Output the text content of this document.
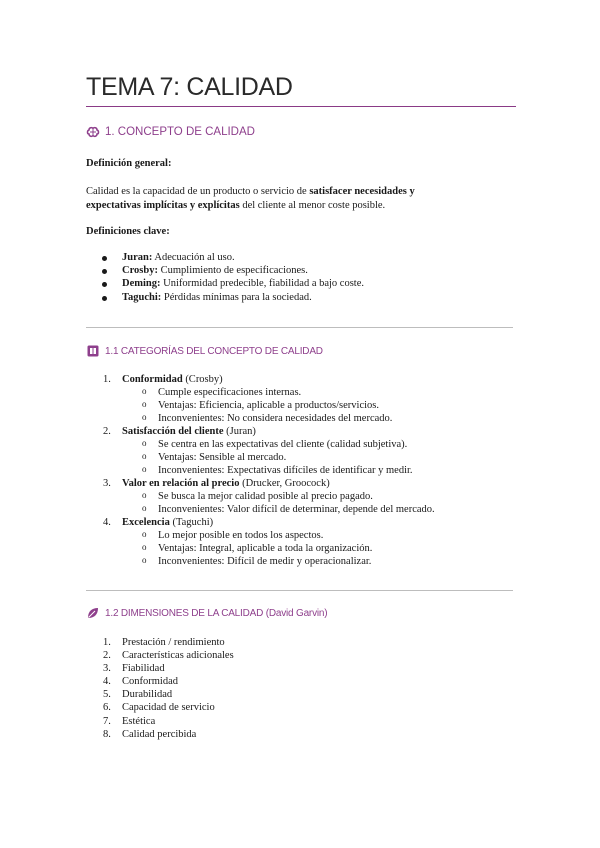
TEMA 7: CALIDAD
1. CONCEPTO DE CALIDAD
Definición general:
Calidad es la capacidad de un producto o servicio de satisfacer necesidades y expectativas implícitas y explícitas del cliente al menor coste posible.
Definiciones clave:
Juran: Adecuación al uso.
Crosby: Cumplimiento de especificaciones.
Deming: Uniformidad predecible, fiabilidad a bajo coste.
Taguchi: Pérdidas mínimas para la sociedad.
1.1 CATEGORÍAS DEL CONCEPTO DE CALIDAD
1. Conformidad (Crosby)
o Cumple especificaciones internas.
o Ventajas: Eficiencia, aplicable a productos/servicios.
o Inconvenientes: No considera necesidades del mercado.
2. Satisfacción del cliente (Juran)
o Se centra en las expectativas del cliente (calidad subjetiva).
o Ventajas: Sensible al mercado.
o Inconvenientes: Expectativas difíciles de identificar y medir.
3. Valor en relación al precio (Drucker, Groocock)
o Se busca la mejor calidad posible al precio pagado.
o Inconvenientes: Valor difícil de determinar, depende del mercado.
4. Excelencia (Taguchi)
o Lo mejor posible en todos los aspectos.
o Ventajas: Integral, aplicable a toda la organización.
o Inconvenientes: Difícil de medir y operacionalizar.
1.2 DIMENSIONES DE LA CALIDAD (David Garvin)
1. Prestación / rendimiento
2. Características adicionales
3. Fiabilidad
4. Conformidad
5. Durabilidad
6. Capacidad de servicio
7. Estética
8. Calidad percibida
